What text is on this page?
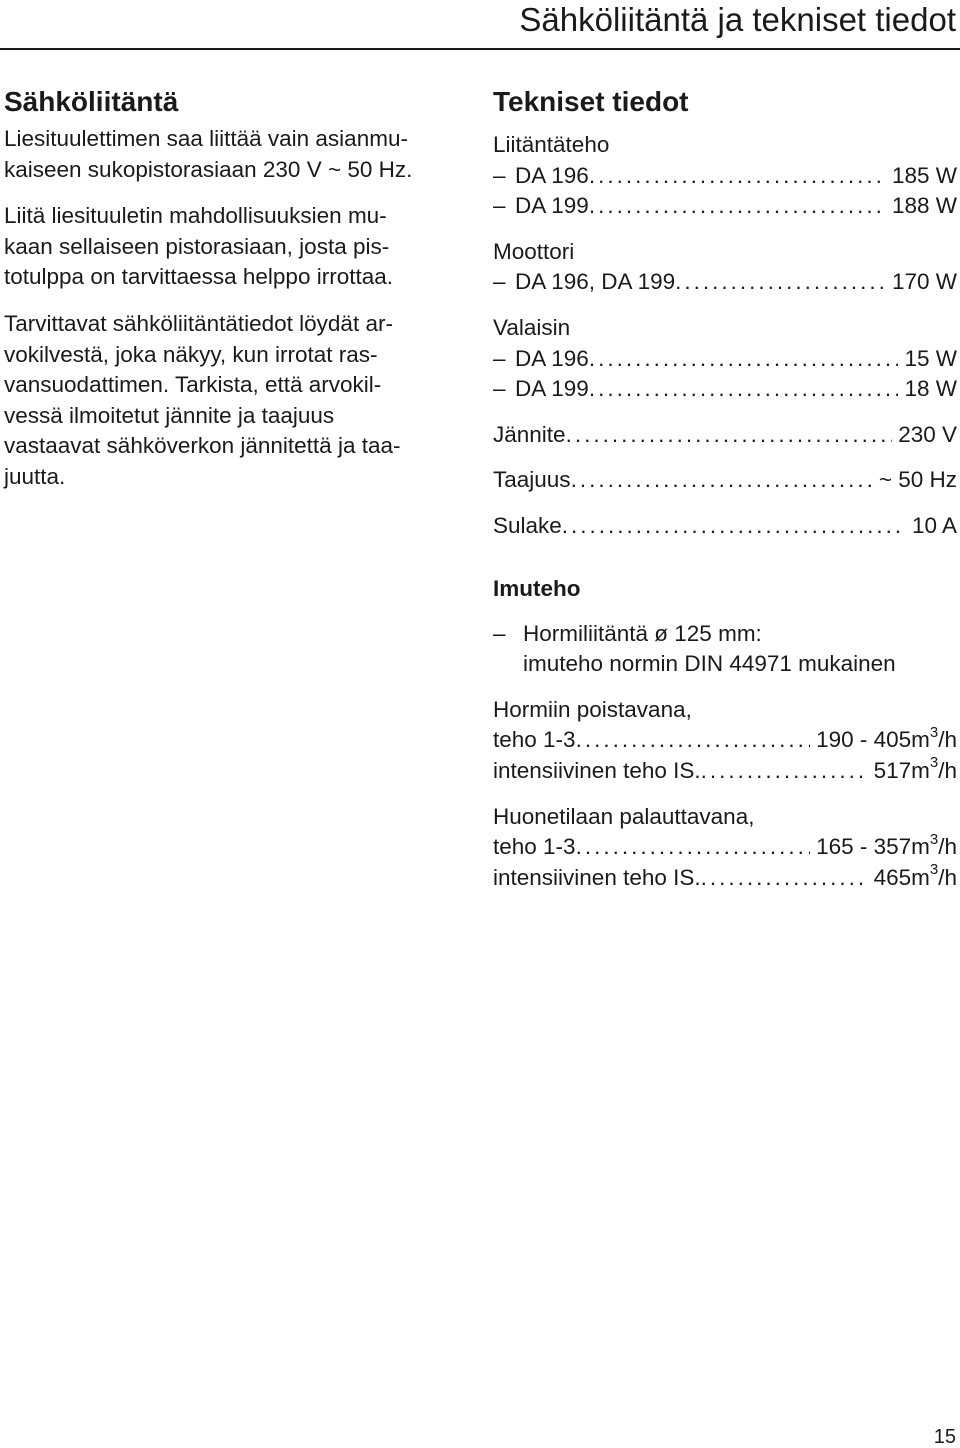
Sähköliitäntä ja tekniset tiedot
Sähköliitäntä

Liesituulettimen saa liittää vain asianmu-
kaiseen sukopistorasiaan 230 V ~ 50 Hz.

Liitä liesituuletin mahdollisuuksien mu-
kaan sellaiseen pistorasiaan, josta pis-
totulppa on tarvittaessa helppo irrottaa.

Tarvittavat sähköliitäntätiedot löydät ar-
vokilvestä, joka näkyy, kun irrotat ras-
vansuodattimen. Tarkista, että arvokil-
vessä ilmoitetut jännite ja taajuus
vastaavat sähköverkon jännitettä ja taa-
juutta.

Tekniset tiedot
Liitäntäteho
– DA 196 .....	185 W
– DA 199 .....	188 W
Moottori
– DA 196, DA 199 .....	170 W
Valaisin
– DA 196 .....	15 W
– DA 199 .....	18 W
Jännite .....	230 V
Taajuus .....	~ 50 Hz
Sulake .....	10 A
Imuteho
– Hormiliitäntä ø 125 mm:
imuteho normin DIN 44971 mukainen
Hormiin poistavana,
teho 1-3 .....	$190 - 405m^3/h$
intensiivinen teho IS. .....	$517m^3/h$
Huonetilaan palauttavana,
teho 1-3 .....	$165 - 357m^3/h$
intensiivinen teho IS. .....	$465m^3/h$
15
